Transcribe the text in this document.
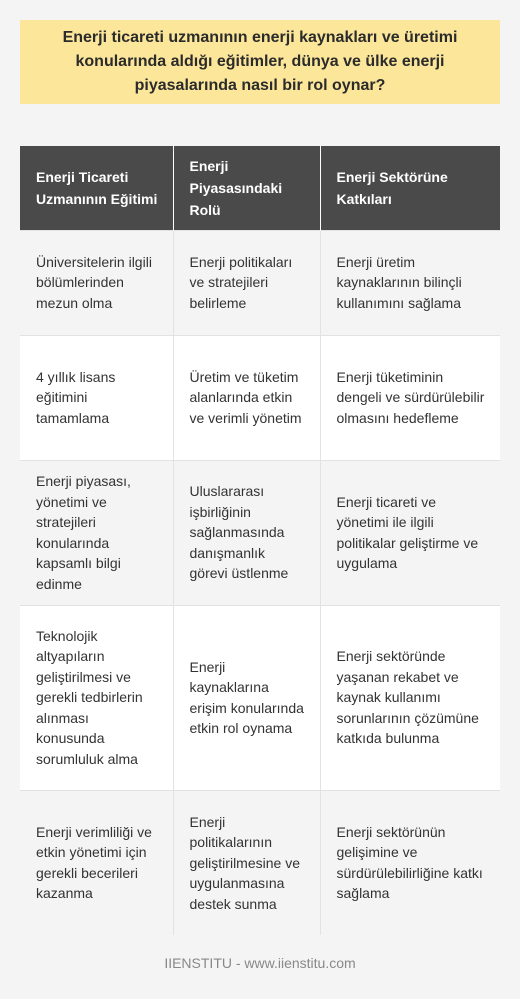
Enerji ticareti uzmanının enerji kaynakları ve üretimi konularında aldığı eğitimler, dünya ve ülke enerji piyasalarında nasıl bir rol oynar?
Enerji Ticareti Uzmanının Eğitimi	Enerji Piyasasındaki Rolü	Enerji Sektörüne Katkıları
Üniversitelerin ilgili bölümlerinden mezun olma	Enerji politikaları ve stratejileri belirleme	Enerji üretim kaynaklarının bilinçli kullanımını sağlama
4 yıllık lisans eğitimini tamamlama	Üretim ve tüketim alanlarında etkin ve verimli yönetim	Enerji tüketiminin dengeli ve sürdürülebilir olmasını hedefleme
Enerji piyasası, yönetimi ve stratejileri konularında kapsamlı bilgi edinme	Uluslararası işbirliğinin sağlanmasında danışmanlık görevi üstlenme	Enerji ticareti ve yönetimi ile ilgili politikalar geliştirme ve uygulama
Teknolojik altyapıların geliştirilmesi ve gerekli tedbirlerin alınması konusunda sorumluluk alma	Enerji kaynaklarına erişim konularında etkin rol oynama	Enerji sektöründe yaşanan rekabet ve kaynak kullanımı sorunlarının çözümüne katkıda bulunma
Enerji verimliliği ve etkin yönetimi için gerekli becerileri kazanma	Enerji politikalarının geliştirilmesine ve uygulanmasına destek sunma	Enerji sektörünün gelişimine ve sürdürülebilirliğine katkı sağlama
IIENSTITU - www.iienstitu.com
